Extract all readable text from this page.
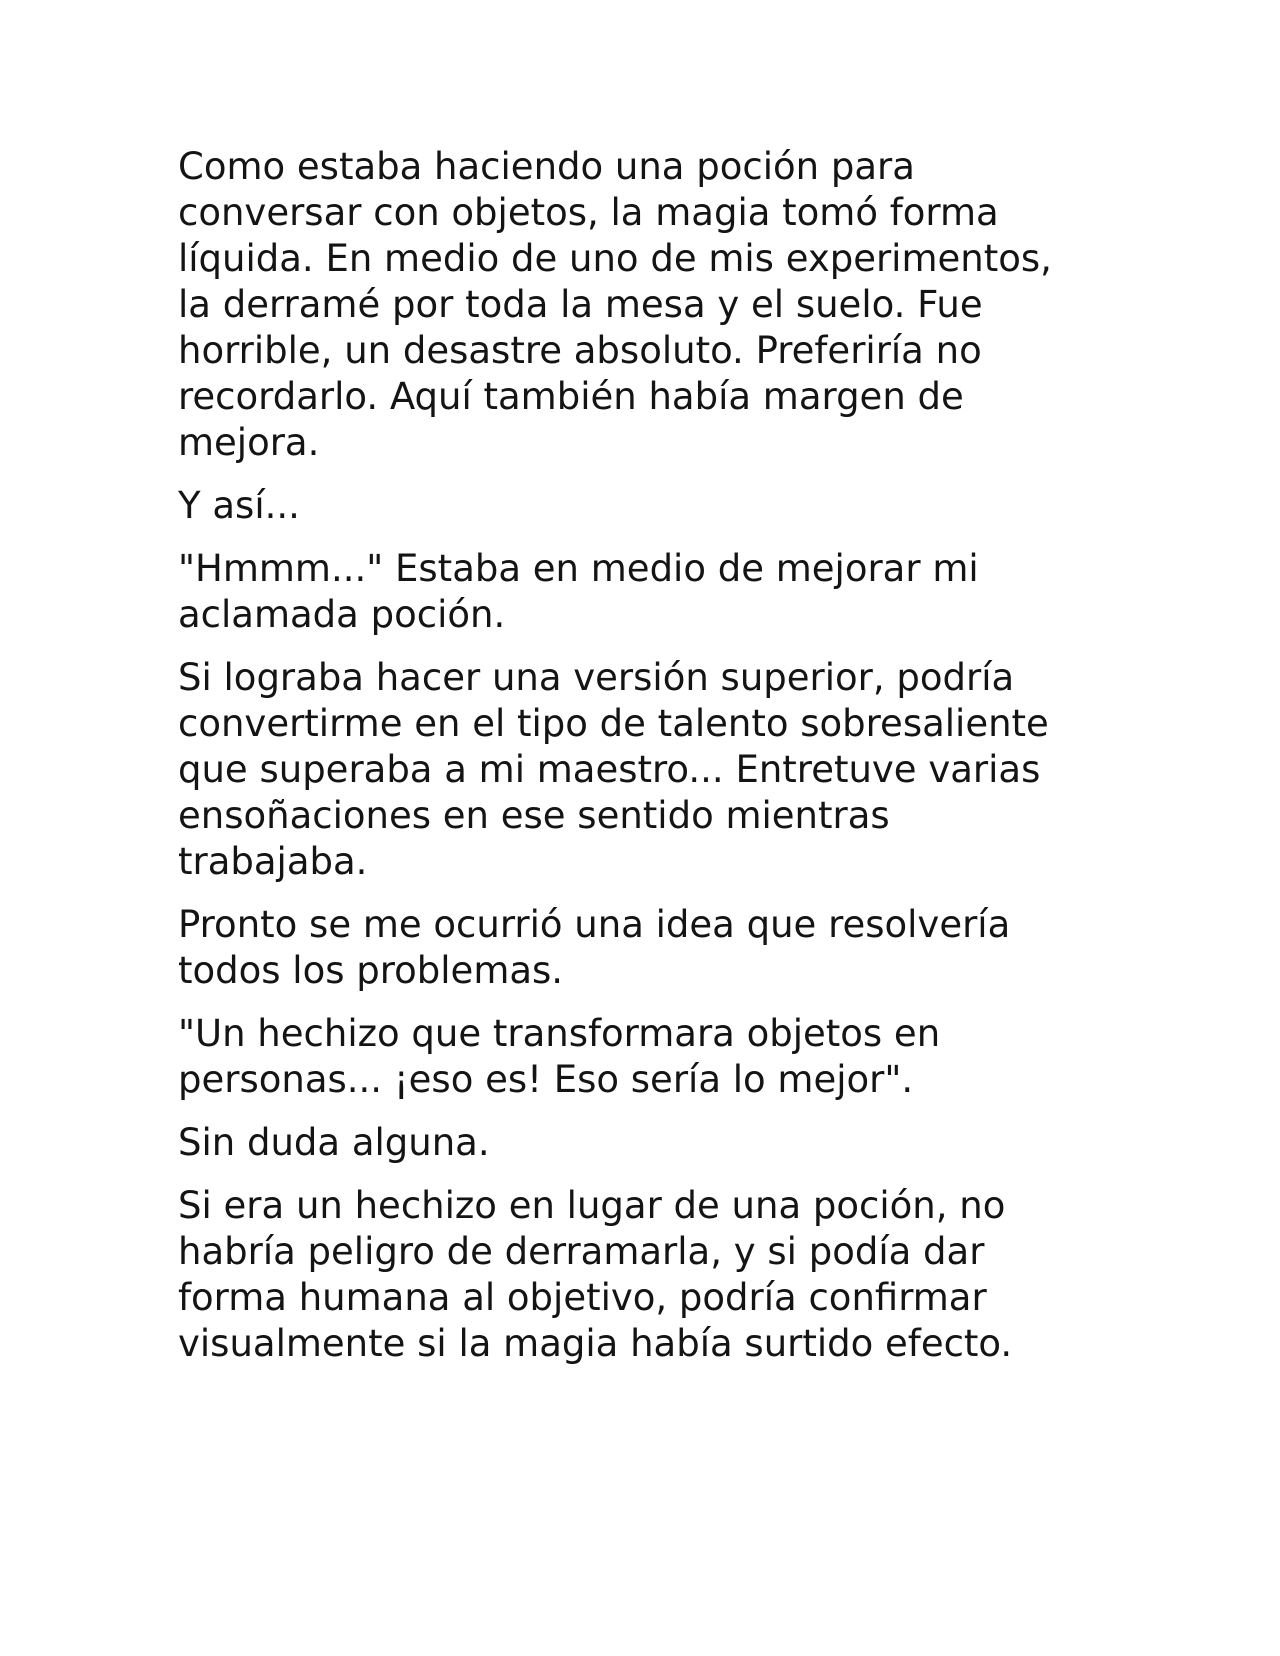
Como estaba haciendo una poción para
conversar con objetos, la magia tomó forma
líquida. En medio de uno de mis experimentos,
la derramé por toda la mesa y el suelo. Fue
horrible, un desastre absoluto. Preferiría no
recordarlo. Aquí también había margen de
mejora.

Y así...

"Hmmm..." Estaba en medio de mejorar mi
aclamada poción.

Si lograba hacer una versión superior, podría
convertirme en el tipo de talento sobresaliente
que superaba a mi maestro... Entretuve varias
ensoñaciones en ese sentido mientras
trabajaba.

Pronto se me ocurrió una idea que resolvería
todos los problemas.

"Un hechizo que transformara objetos en
personas... ¡eso es! Eso sería lo mejor".

Sin duda alguna.

Si era un hechizo en lugar de una poción, no
habría peligro de derramarla, y si podía dar
forma humana al objetivo, podría confirmar
visualmente si la magia había surtido efecto.
